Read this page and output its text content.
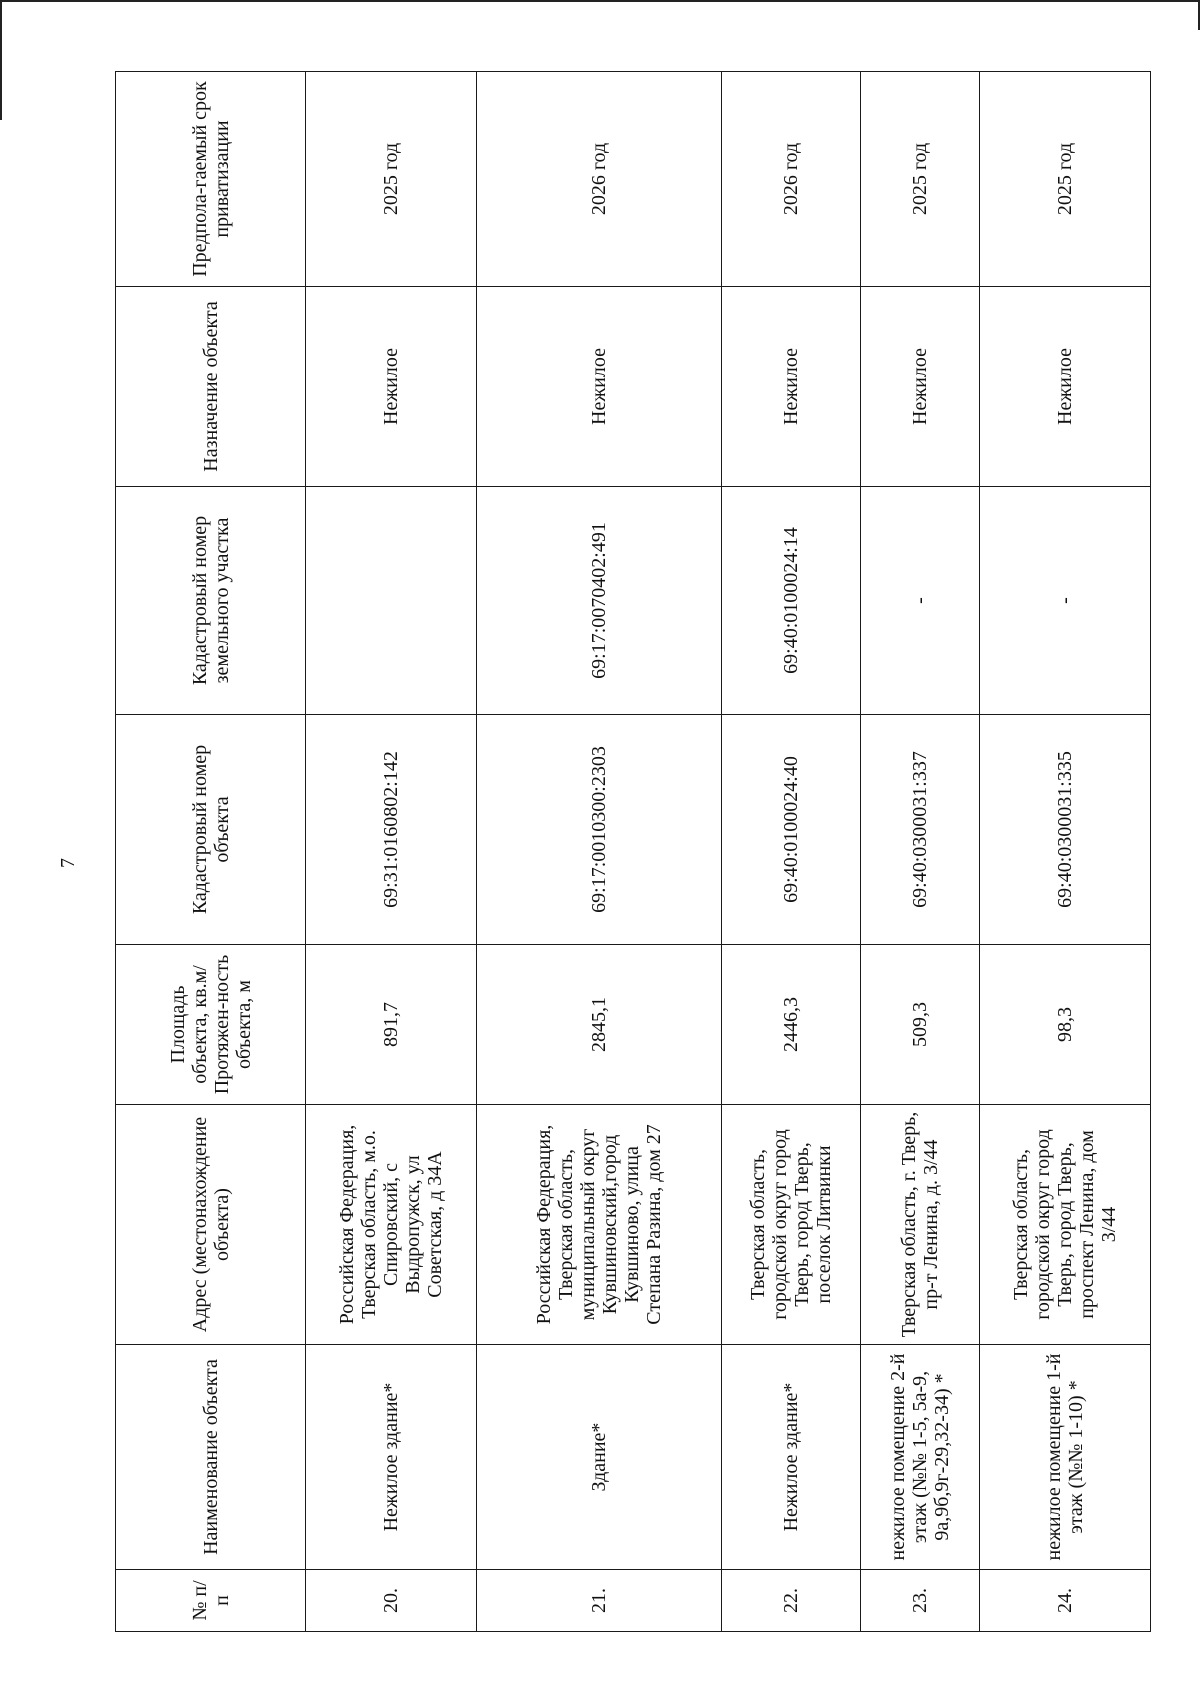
7
№ п/п	Наименование объекта	Адрес (местонахождение объекта)	Площадь объекта, кв.м/ Протяжен-ность объекта, м	Кадастровый номер объекта	Кадастровый номер земельного участка	Назначение объекта	Предпола-гаемый срок приватизации
20.	Нежилое здание*	Российская Федерация, Тверская область, м.о. Спировский, с Выдропужск, ул Советская, д 34А	891,7	69:31:0160802:142		Нежилое	2025 год
21.	Здание*	Российская Федерация, Тверская область, муниципальный округ Кувшиновский,город Кувшиново, улица Степана Разина, дом 27	2845,1	69:17:0010300:2303	69:17:0070402:491	Нежилое	2026 год
22.	Нежилое здание*	Тверская область, городской округ город Тверь, город Тверь, поселок Литвинки	2446,3	69:40:0100024:40	69:40:0100024:14	Нежилое	2026 год
23.	нежилое помещение 2-й этаж (№№ 1-5, 5а-9, 9а,9б,9г-29,32-34) *	Тверская область, г. Тверь, пр-т Ленина, д. 3/44	509,3	69:40:0300031:337	-	Нежилое	2025 год
24.	нежилое помещение 1-й этаж (№№ 1-10) *	Тверская область, городской округ город Тверь, город Тверь, проспект Ленина, дом 3/44	98,3	69:40:0300031:335	-	Нежилое	2025 год
